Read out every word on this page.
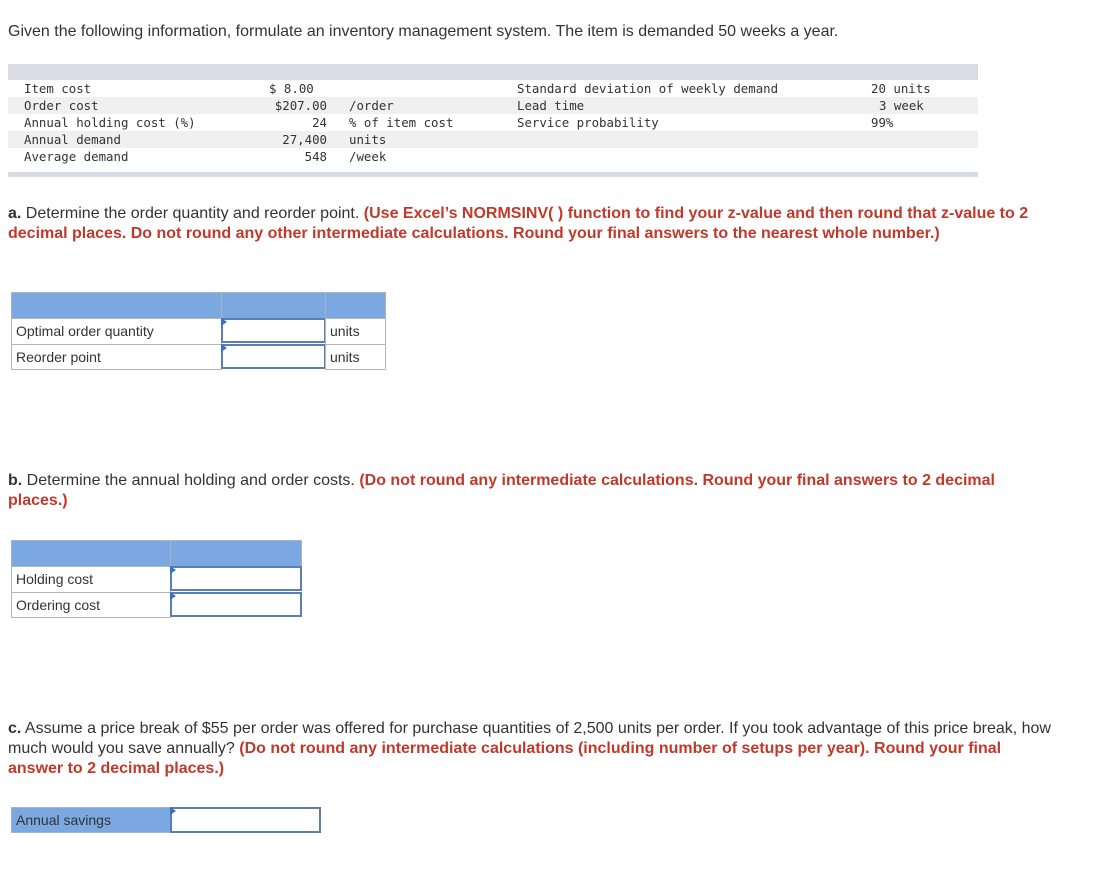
Given the following information, formulate an inventory management system. The item is demanded 50 weeks a year.
Item cost
Order cost
Annual holding cost (%)
Annual demand
Average demand
$ 8.00
$207.00
24
27,400
548
/order
% of item cost
units
/week
Standard deviation of weekly demand
Lead time
Service probability
20 units
3 week
99%
a. Determine the order quantity and reorder point. (Use Excel’s NORMSINV( ) function to find your z-value and then round that z-value to 2 decimal places. Do not round any other intermediate calculations. Round your final answers to the nearest whole number.)
Optimal order quantity	units
Reorder point	units
b. Determine the annual holding and order costs. (Do not round any intermediate calculations. Round your final answers to 2 decimal places.)
Holding cost
Ordering cost
c. Assume a price break of $55 per order was offered for purchase quantities of 2,500 units per order. If you took advantage of this price break, how much would you save annually? (Do not round any intermediate calculations (including number of setups per year). Round your final answer to 2 decimal places.)
Annual savings
